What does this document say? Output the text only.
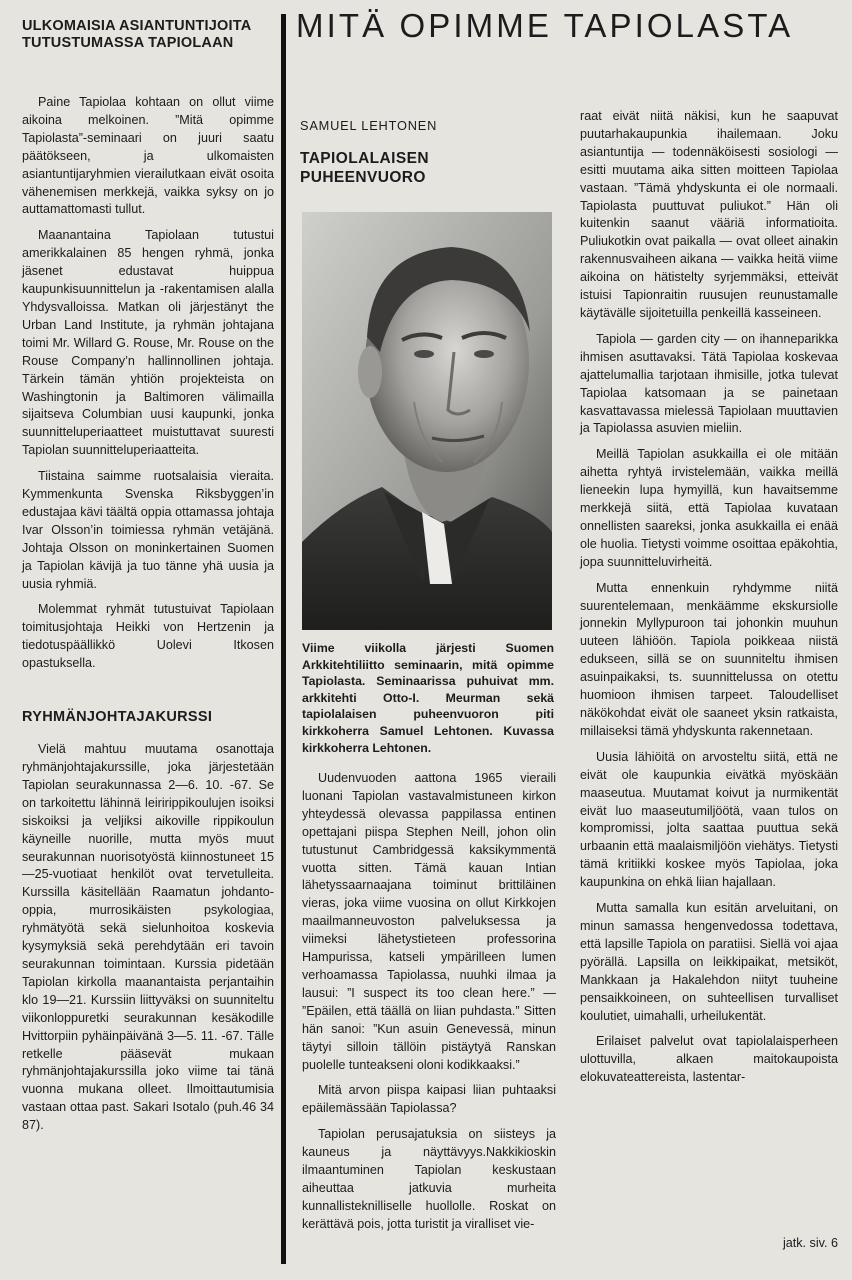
ULKOMAISIA ASIANTUNTIJOITA TUTUSTUMASSA TAPIOLAAN

Paine Tapiolaa kohtaan on ollut viime aikoina melkoinen. ”Mitä opimme Tapiolasta”-seminaari on juuri saatu päätökseen, ja ulkomaisten asiantuntijaryhmien vierailutkaan eivät osoita vähenemisen merkkejä, vaikka syksy on jo auttamattomasti tullut.

Maanantaina Tapiolaan tutustui amerikkalainen 85 hengen ryhmä, jonka jäsenet edustavat huippua kaupunkisuunnittelun ja -rakentamisen alalla Yhdysvalloissa. Matkan oli järjestänyt the Urban Land Institute, ja ryhmän johtajana toimi Mr. Willard G. Rouse, Mr. Rouse on the Rouse Company’n hallinnollinen johtaja. Tärkein tämän yhtiön projekteista on Washingtonin ja Baltimoren välimailla sijaitseva Columbian uusi kaupunki, jonka suunnitteluperiaatteet muistuttavat suuresti Tapiolan suunnitteluperiaatteita.

Tiistaina saimme ruotsalaisia vieraita. Kymmenkunta Svenska Riksbyggen’in edustajaa kävi täältä oppia ottamassa johtaja Ivar Olsson’in toimiessa ryhmän vetäjänä. Johtaja Olsson on moninkertainen Suomen ja Tapiolan kävijä ja tuo tänne yhä uusia ja uusia ryhmiä.

Molemmat ryhmät tutustuivat Tapiolaan toimitusjohtaja Heikki von Hertzenin ja tiedotuspäällikkö Uolevi Itkosen opastuksella.

RYHMÄNJOHTAJAKURSSI

Vielä mahtuu muutama osanottaja ryhmänjohtajakurssille, joka järjestetään Tapiolan seurakunnassa 2—6. 10. -67. Se on tarkoitettu lähinnä leiririppikoulujen isoiksi siskoiksi ja veljiksi aikoville rippikoulun käyneille nuorille, mutta myös muut seurakunnan nuorisotyöstä kiinnostuneet 15—25-vuotiaat henkilöt ovat tervetulleita. Kurssilla käsitellään Raamatun johdanto-oppia, murrosikäisten psykologiaa, ryhmätyötä sekä sielunhoitoa koskevia kysymyksiä sekä perehdytään eri tavoin seurakunnan toimintaan. Kurssia pidetään Tapiolan kirkolla maanantaista perjantaihin klo 19—21. Kurssiin liittyväksi on suunniteltu viikonloppuretki seurakunnan kesäkodille Hvittorpiin pyhäinpäivänä 3—5. 11. -67. Tälle retkelle pääsevät mukaan ryhmänjohtajakurssilla joko viime tai tänä vuonna mukana olleet. Ilmoittautumisia vastaan ottaa past. Sakari Isotalo (puh.46 34 87).

MITÄ OPIMME TAPIOLASTA

SAMUEL LEHTONEN

TAPIOLALAISEN PUHEENVUORO

Viime viikolla järjesti Suomen Arkkitehtiliitto seminaarin, mitä opimme Tapiolasta. Seminaarissa puhuivat mm. arkkitehti Otto-I. Meurman sekä tapiolalaisen puheenvuoron piti kirkkoherra Samuel Lehtonen. Kuvassa kirkkoherra Lehtonen.

Uudenvuoden aattona 1965 vieraili luonani Tapiolan vastavalmistuneen kirkon yhteydessä olevassa pappilassa entinen opettajani piispa Stephen Neill, johon olin tutustunut Cambridgessä kaksikymmentä vuotta sitten. Tämä kauan Intian lähetyssaarnaajana toiminut brittiläinen vieras, joka viime vuosina on ollut Kirkkojen maailmanneuvoston palveluksessa ja viimeksi lähetystieteen professorina Hampurissa, katseli ympärilleen lumen verhoamassa Tapiolassa, nuuhki ilmaa ja lausui: ”I suspect its too clean here.” — ”Epäilen, että täällä on liian puhdasta.” Sitten hän sanoi: ”Kun asuin Genevessä, minun täytyi silloin tällöin pistäytyä Ranskan puolelle tunteakseni oloni kodikkaaksi.”

Mitä arvon piispa kaipasi liian puhtaaksi epäilemässään Tapiolassa?

Tapiolan perusajatuksia on siisteys ja kauneus ja näyttävyys.Nakkikioskin ilmaantuminen Tapiolan keskustaan aiheuttaa jatkuvia murheita kunnallisteknilliselle huollolle. Roskat on kerättävä pois, jotta turistit ja viralliset vie-

raat eivät niitä näkisi, kun he saapuvat puutarhakaupunkia ihailemaan. Joku asiantuntija — todennäköisesti sosiologi — esitti muutama aika sitten moitteen Tapiolaa vastaan. ”Tämä yhdyskunta ei ole normaali. Tapiolasta puuttuvat puliukot.” Hän oli kuitenkin saanut vääriä informatioita. Puliukotkin ovat paikalla — ovat olleet ainakin rakennusvaiheen aikana — vaikka heitä viime aikoina on hätisteltу syrjemmäksi, etteivät istuisi Tapionraitin ruusujen reunustamalle käytävälle sijoitetuilla penkeillä kasseineen.

Tapiola — garden city — on ihanneparikka ihmisen asuttavaksi. Tätä Tapiolaa koskevaa ajattelumallia tarjotaan ihmisille, jotka tulevat Tapiolaa katsomaan ja se painetaan kasvattavassa mielessä Tapiolaan muuttavien ja Tapiolassa asuvien mieliin.

Meillä Tapiolan asukkailla ei ole mitään aihetta ryhtyä irvistelemään, vaikka meillä lieneekin lupa hymyillä, kun havaitsemme merkkejä siitä, että Tapiolaa kuvataan onnellisten saareksi, jonka asukkailla ei enää ole huolia. Tietysti voimme osoittaa epäkohtia, jopa suunnitteluvirheitä.

Mutta ennenkuin ryhdymme niitä suurentelemaan, menkäämme ekskursiolle jonnekin Myllypuroon tai johonkin muuhun uuteen lähiöön. Tapiola poikkeaa niistä edukseen, sillä se on suunniteltu ihmisen asuinpaikaksi, ts. suunnittelussa on otettu huomioon ihmisen tarpeet. Taloudelliset näkökohdat eivät ole saaneet yksin ratkaista, millaiseksi tämä yhdyskunta rakennetaan.

Uusia lähiöitä on arvosteltu siitä, että ne eivät ole kaupunkia eivätkä myöskään maaseutua. Muutamat koivut ja nurmikentät eivät luo maaseutumiljöötä, vaan tulos on kompromissi, jolta saattaa puuttua sekä urbaanin että maalaismiljöön viehätys. Tietysti tämä kritiikki koskee myös Tapiolaa, joka kaupunkina on ehkä liian hajallaan.

Mutta samalla kun esitän arveluitani, on minun samassa hengenvedossa todettava, että lapsille Tapiola on paratiisi. Siellä voi ajaa pyörällä. Lapsilla on leikkipaikat, metsiköt, Mankkaan ja Hakalehdon niityt tuuheine pensaikkoineen, on suhteellisen turvalliset koulutiet, uimahalli, urheilukentät.

Erilaiset palvelut ovat tapiolalaisperheen ulottuvilla, alkaen maitokaupoista elokuvateattereista, lastentar-

jatk. siv. 6
